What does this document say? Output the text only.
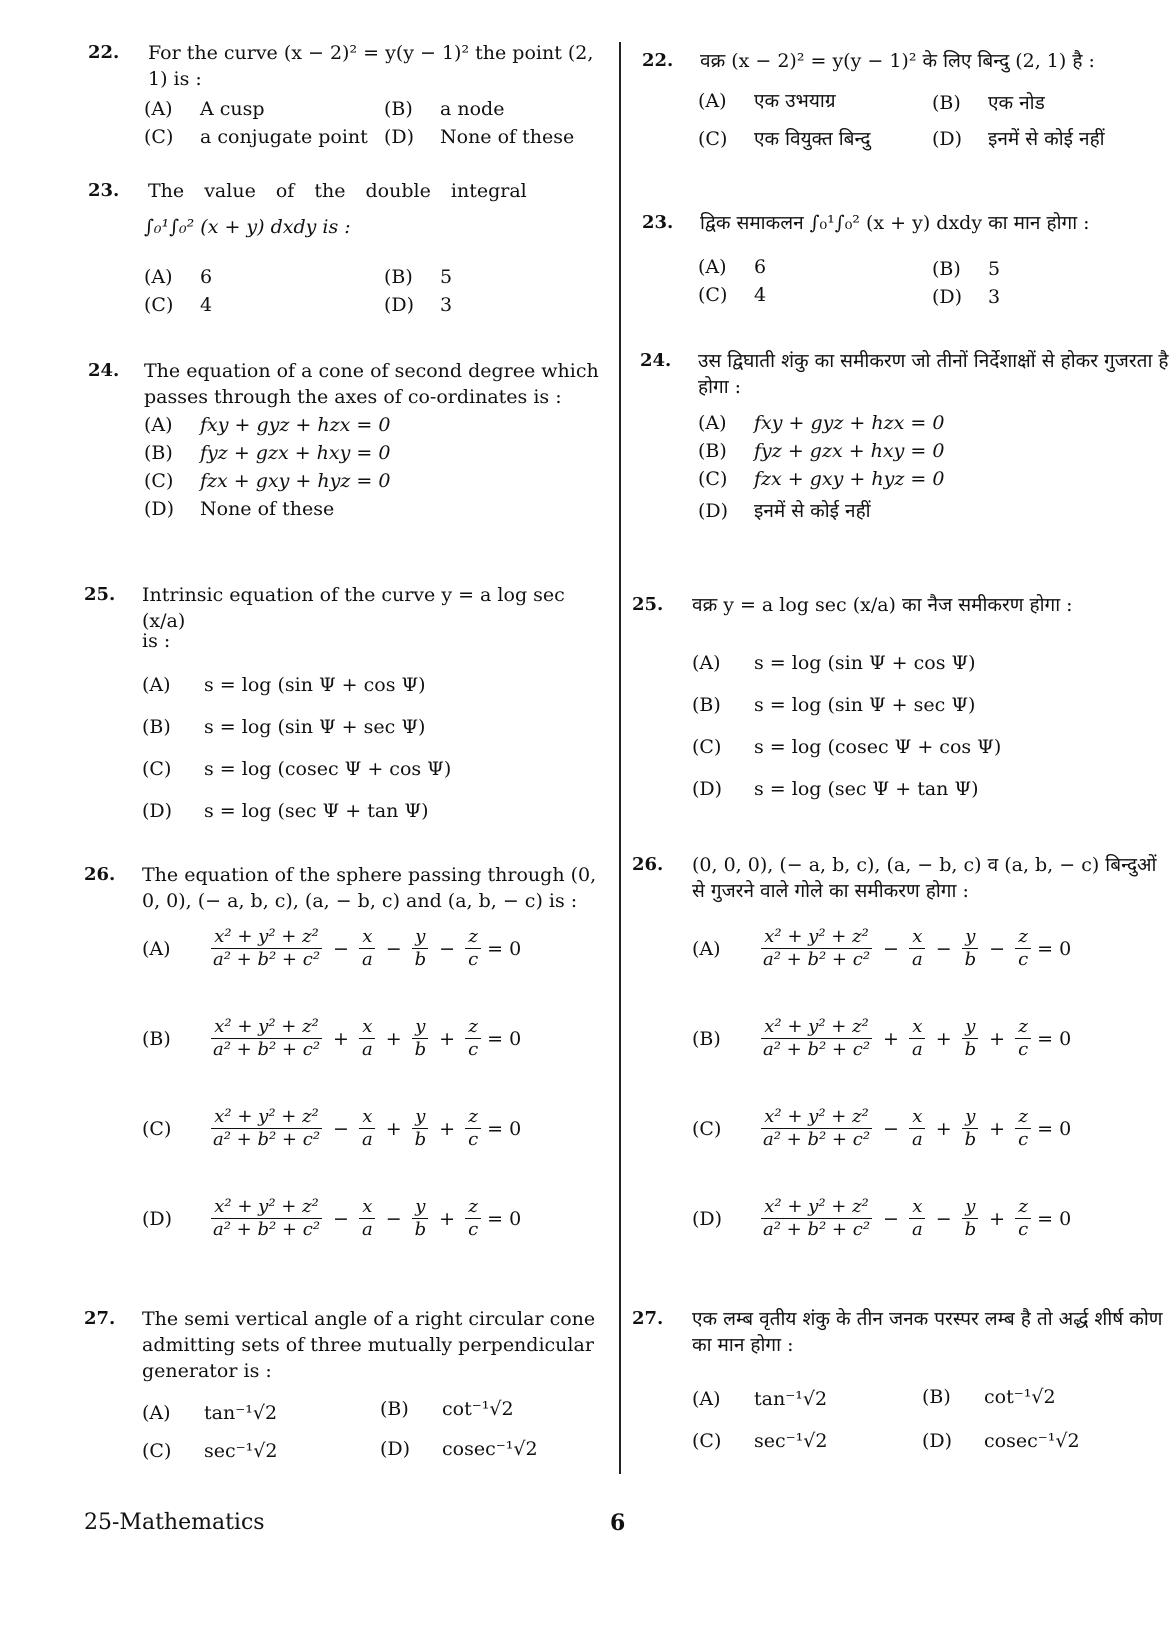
22. For the curve (x − 2)² = y(y − 1)² the point (2, 1) is :
(A) A cusp	(B) a node
(C) a conjugate point (D) None of these
23. The value of the double integral
∫₀¹∫₀² (x + y) dxdy is :
(A) 6	(B) 5
(C) 4	(D) 3
24. The equation of a cone of second degree which passes through the axes of co-ordinates is :
(A) fxy + gyz + hzx = 0
(B) fyz + gzx + hxy = 0
(C) fzx + gxy + hyz = 0
(D) None of these
25. Intrinsic equation of the curve y = a log sec (x/a)
is :
(A) s = log (sin Ψ + cos Ψ)
(B) s = log (sin Ψ + sec Ψ)
(C) s = log (cosec Ψ + cos Ψ)
(D) s = log (sec Ψ + tan Ψ)
26. The equation of the sphere passing through (0, 0, 0), (− a, b, c), (a, − b, c) and (a, b, − c) is :
(A)	$\frac{\text{x² + y² + z²}}{\text{a² + b² + c²}} - \frac{x}{a} - \frac{y}{b} - \frac{z}{c} = 0$
(B)	$\frac{\text{x² + y² + z²}}{\text{a² + b² + c²}} + \frac{x}{a} + \frac{y}{b} + \frac{z}{c} = 0$
(C)	$\frac{\text{x² + y² + z²}}{\text{a² + b² + c²}} - \frac{x}{a} + \frac{y}{b} + \frac{z}{c} = 0$
(D)	$\frac{\text{x² + y² + z²}}{\text{a² + b² + c²}} - \frac{x}{a} - \frac{y}{b} + \frac{z}{c} = 0$
27. The semi vertical angle of a right circular cone admitting sets of three mutually perpendicular generator is :
(A) tan⁻¹√2	(B) cot⁻¹√2
(C) sec⁻¹√2	(D) cosec⁻¹√2
25-Mathematics
22. वक्र (x − 2)² = y(y − 1)² के लिए बिन्दु (2, 1) है :
(A) एक उभयाग्र	(B) एक नोड
(C) एक वियुक्त बिन्दु	(D) इनमें से कोई नहीं
23. द्विक समाकलन ∫₀¹∫₀² (x + y) dxdy का मान होगा :
(A) 6	(B) 5
(C) 4	(D) 3
24. उस द्विघाती शंकु का समीकरण जो तीनों निर्देशाक्षों से होकर गुजरता है होगा :
(A) fxy + gyz + hzx = 0
(B) fyz + gzx + hxy = 0
(C) fzx + gxy + hyz = 0
(D) इनमें से कोई नहीं
25. वक्र y = a log sec (x/a) का नैज समीकरण होगा :
(A) s = log (sin Ψ + cos Ψ)
(B) s = log (sin Ψ + sec Ψ)
(C) s = log (cosec Ψ + cos Ψ)
(D) s = log (sec Ψ + tan Ψ)
26. (0, 0, 0), (− a, b, c), (a, − b, c) व (a, b, − c) बिन्दुओं से गुजरने वाले गोले का समीकरण होगा :
(A)	$\frac{\text{x² + y² + z²}}{\text{a² + b² + c²}} - \frac{x}{a} - \frac{y}{b} - \frac{z}{c} = 0$
(B)	$\frac{\text{x² + y² + z²}}{\text{a² + b² + c²}} + \frac{x}{a} + \frac{y}{b} + \frac{z}{c} = 0$
(C)	$\frac{\text{x² + y² + z²}}{\text{a² + b² + c²}} - \frac{x}{a} + \frac{y}{b} + \frac{z}{c} = 0$
(D)	$\frac{\text{x² + y² + z²}}{\text{a² + b² + c²}} - \frac{x}{a} - \frac{y}{b} + \frac{z}{c} = 0$
27. एक लम्ब वृतीय शंकु के तीन जनक परस्पर लम्ब है तो अर्द्ध शीर्ष कोण का मान होगा :
(A) tan⁻¹√2	(B) cot⁻¹√2
(C) sec⁻¹√2	(D) cosec⁻¹√2
6
